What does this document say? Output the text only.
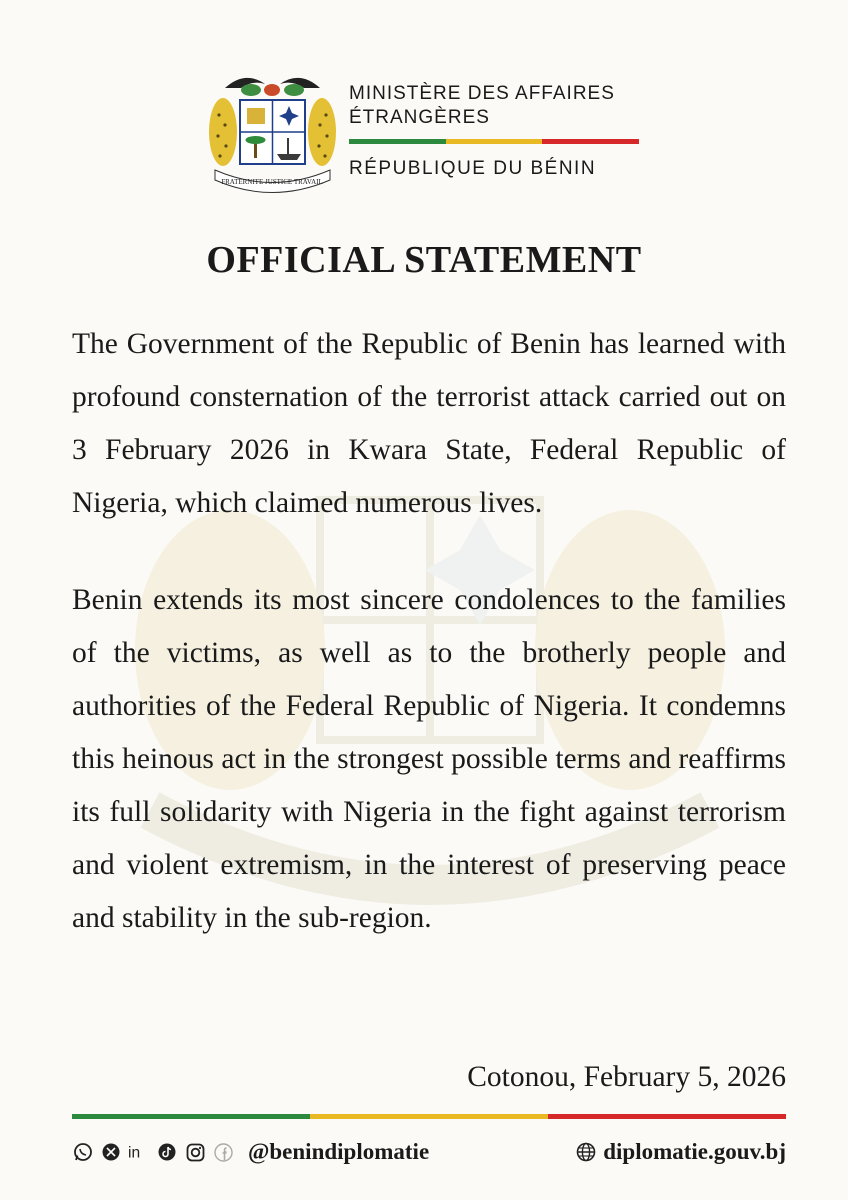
FRATERNITE JUSTICE TRAVAIL
MINISTÈRE DES AFFAIRES
ÉTRANGÈRES
RÉPUBLIQUE DU BÉNIN
OFFICIAL STATEMENT

The Government of the Republic of Benin has learned with profound consternation of the terrorist attack carried out on 3 February 2026 in Kwara State, Federal Republic of Nigeria, which claimed numerous lives.

Benin extends its most sincere condolences to the families of the victims, as well as to the brotherly people and authorities of the Federal Republic of Nigeria. It condemns this heinous act in the strongest possible terms and reaffirms its full solidarity with Nigeria in the fight against terrorism and violent extremism, in the interest of preserving peace and stability in the sub-region.

Cotonou, February 5, 2026
in	@benindiplomatie	diplomatie.gouv.bj
